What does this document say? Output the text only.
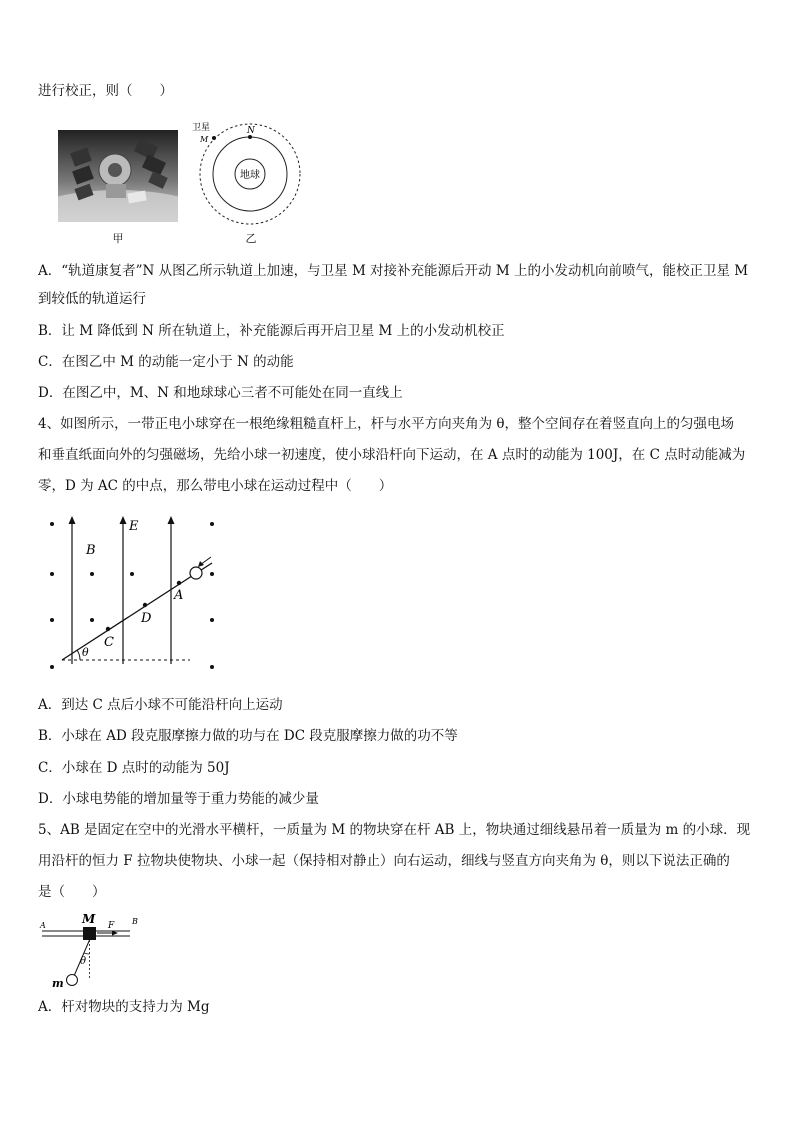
进行校正，则（　　）
甲
地球
N
卫星
M
乙
A．“轨道康复者”N 从图乙所示轨道上加速，与卫星 M 对接补充能源后开动 M 上的小发动机向前喷气，能校正卫星 M
到较低的轨道运行
B．让 M 降低到 N 所在轨道上，补充能源后再开启卫星 M 上的小发动机校正
C．在图乙中 M 的动能一定小于 N 的动能
D．在图乙中，M、N 和地球球心三者不可能处在同一直线上
4、如图所示，一带正电小球穿在一根绝缘粗糙直杆上，杆与水平方向夹角为 θ，整个空间存在着竖直向上的匀强电场
和垂直纸面向外的匀强磁场，先给小球一初速度，使小球沿杆向下运动，在 A 点时的动能为 100J，在 C 点时动能减为
零，D 为 AC 的中点，那么带电小球在运动过程中（　　）
E
B
θ
A
D
C
A．到达 C 点后小球不可能沿杆向上运动
B．小球在 AD 段克服摩擦力做的功与在 DC 段克服摩擦力做的功不等
C．小球在 D 点时的动能为 50J
D．小球电势能的增加量等于重力势能的减少量
5、AB 是固定在空中的光滑水平横杆，一质量为 M 的物块穿在杆 AB 上，物块通过细线悬吊着一质量为 m 的小球．现
用沿杆的恒力 F 拉物块使物块、小球一起（保持相对静止）向右运动，细线与竖直方向夹角为 θ，则以下说法正确的
是（　　）
A	B
M F
θ
m
A．杆对物块的支持力为 Mg
